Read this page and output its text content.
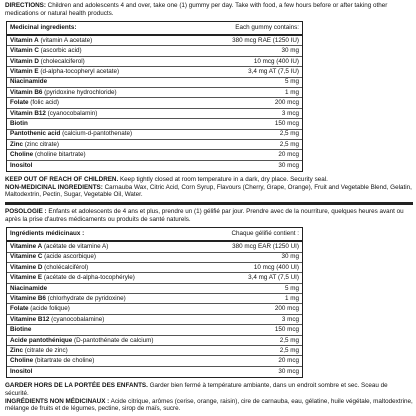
DIRECTIONS: Children and adolescents 4 and over, take one (1) gummy per day. Take with food, a few hours before or after taking other medications or natural health products.

Medicinal ingredients:	Each gummy contains:
Vitamin A (vitamin A acetate)	380 mcg RAE (1250 IU)
Vitamin C (ascorbic acid)	30 mg
Vitamin D (cholecalciferol)	10 mcg (400 IU)
Vitamin E (d-alpha-tocopheryl acetate)	3,4 mg AT (7,5 IU)
Niacinamide	5 mg
Vitamin B6 (pyridoxine hydrochloride)	1 mg
Folate (folic acid)	200 mcg
Vitamin B12 (cyanocobalamin)	3 mcg
Biotin	150 mcg
Pantothenic acid (calcium-d-pantothenate)	2,5 mg
Zinc (zinc citrate)	2,5 mg
Choline (choline bitartrate)	20 mcg
Inositol	30 mcg

KEEP OUT OF REACH OF CHILDREN. Keep tightly closed at room temperature in a dark, dry place. Security seal.

NON-MEDICINAL INGREDIENTS: Carnauba Wax, Citric Acid, Corn Syrup, Flavours (Cherry, Grape, Orange), Fruit and Vegetable Blend, Gelatin, Maltodextrin, Pectin, Sugar, Vegetable Oil, Water.

POSOLOGIE : Enfants et adolescents de 4 ans et plus, prendre un (1) gélifié par jour. Prendre avec de la nourriture, quelques heures avant ou après la prise d'autres médicaments ou produits de santé naturels.

Ingrédients médicinaux :	Chaque gélifié contient :
Vitamine A (acétate de vitamine A)	380 mcg EAR (1250 UI)
Vitamine C (acide ascorbique)	30 mg
Vitamine D (cholécalciférol)	10 mcg (400 UI)
Vitamine E (acétate de d-alpha-tocophéryle)	3,4 mg AT (7,5 UI)
Niacinamide	5 mg
Vitamine B6 (chlorhydrate de pyridoxine)	1 mg
Folate (acide folique)	200 mcg
Vitamine B12 (cyanocobalamine)	3 mcg
Biotine	150 mcg
Acide pantothénique (D-pantothénate de calcium)	2,5 mg
Zinc (citrate de zinc)	2,5 mg
Choline (bitartrate de choline)	20 mcg
Inositol	30 mcg

GARDER HORS DE LA PORTÉE DES ENFANTS. Garder bien fermé à température ambiante, dans un endroit sombre et sec. Sceau de sécurité.

INGRÉDIENTS NON MÉDICINAUX : Acide citrique, arômes (cerise, orange, raisin), cire de carnauba, eau, gélatine, huile végétale, maltodextrine, mélange de fruits et de légumes, pectine, sirop de maïs, sucre.
